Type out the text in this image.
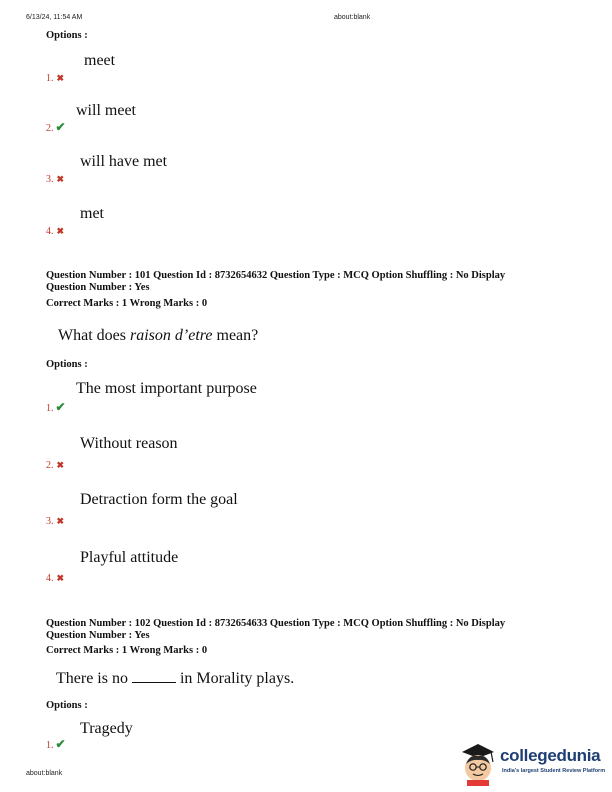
6/13/24, 11:54 AM	about:blank
Options :
meet
1. ✖
will meet
2. ✔
will have met
3. ✖
met
4. ✖
Question Number : 101 Question Id : 8732654632 Question Type : MCQ Option Shuffling : No Display
Question Number : Yes
Correct Marks : 1 Wrong Marks : 0
What does raison d’etre mean?
Options :
The most important purpose
1. ✔
Without reason
2. ✖
Detraction form the goal
3. ✖
Playful attitude
4. ✖
Question Number : 102 Question Id : 8732654633 Question Type : MCQ Option Shuffling : No Display
Question Number : Yes
Correct Marks : 1 Wrong Marks : 0
There is no	in Morality plays.
Options :
Tragedy
1. ✔
about:blank
collegedunia
India's largest Student Review Platform
